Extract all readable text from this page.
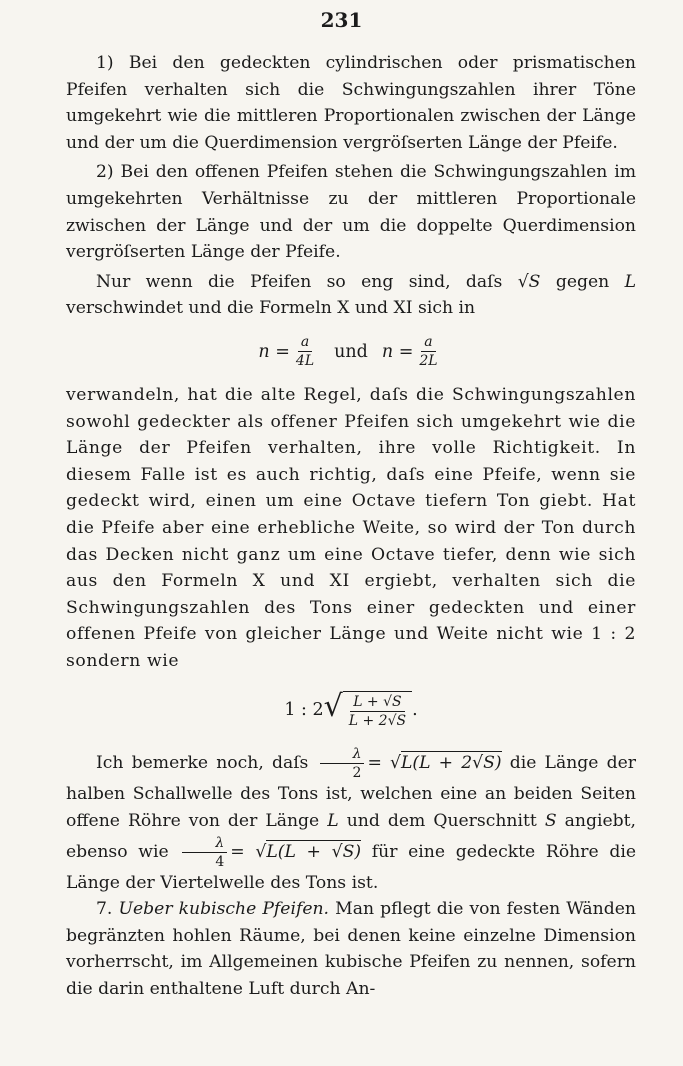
231

1) Bei den gedeckten cylindrischen oder prismatischen Pfeifen verhalten sich die Schwingungszahlen ihrer Töne umgekehrt wie die mittleren Proportionalen zwischen der Länge und der um die Querdimension vergröſserten Länge der Pfeife.

2) Bei den offenen Pfeifen stehen die Schwingungszahlen im umgekehrten Verhältnisse zu der mittleren Proportionale zwischen der Länge und der um die doppelte Querdimension vergröſserten Länge der Pfeife.

Nur wenn die Pfeifen so eng sind, daſs √S gegen L verschwindet und die Formeln X und XI sich in

$n = \frac{a}{4L}$ und $n = \frac{a}{2L}$

verwandeln, hat die alte Regel, daſs die Schwingungszahlen sowohl gedeckter als offener Pfeifen sich umgekehrt wie die Länge der Pfeifen verhalten, ihre volle Richtigkeit. In diesem Falle ist es auch richtig, daſs eine Pfeife, wenn sie gedeckt wird, einen um eine Octave tiefern Ton giebt. Hat die Pfeife aber eine erhebliche Weite, so wird der Ton durch das Decken nicht ganz um eine Octave tiefer, denn wie sich aus den Formeln X und XI ergiebt, verhalten sich die Schwingungszahlen des Tons einer gedeckten und einer offenen Pfeife von gleicher Länge und Weite nicht wie 1 : 2 sondern wie

1 : 2 √ $\frac{L + √S}{L + 2√S}$ .

Ich bemerke noch, daſs $\frac{\lambda}{2} = √L(L + 2√S)$ die Länge der halben Schallwelle des Tons ist, welchen eine an beiden Seiten offene Röhre von der Länge L und dem Querschnitt S angiebt, ebenso wie $\frac{\lambda}{4} = √L(L + √S)$ für eine gedeckte Röhre die Länge der Viertelwelle des Tons ist.

7. Ueber kubische Pfeifen. Man pflegt die von festen Wänden begränzten hohlen Räume, bei denen keine einzelne Dimension vorherrscht, im Allgemeinen kubische Pfeifen zu nennen, sofern die darin enthaltene Luft durch An-
